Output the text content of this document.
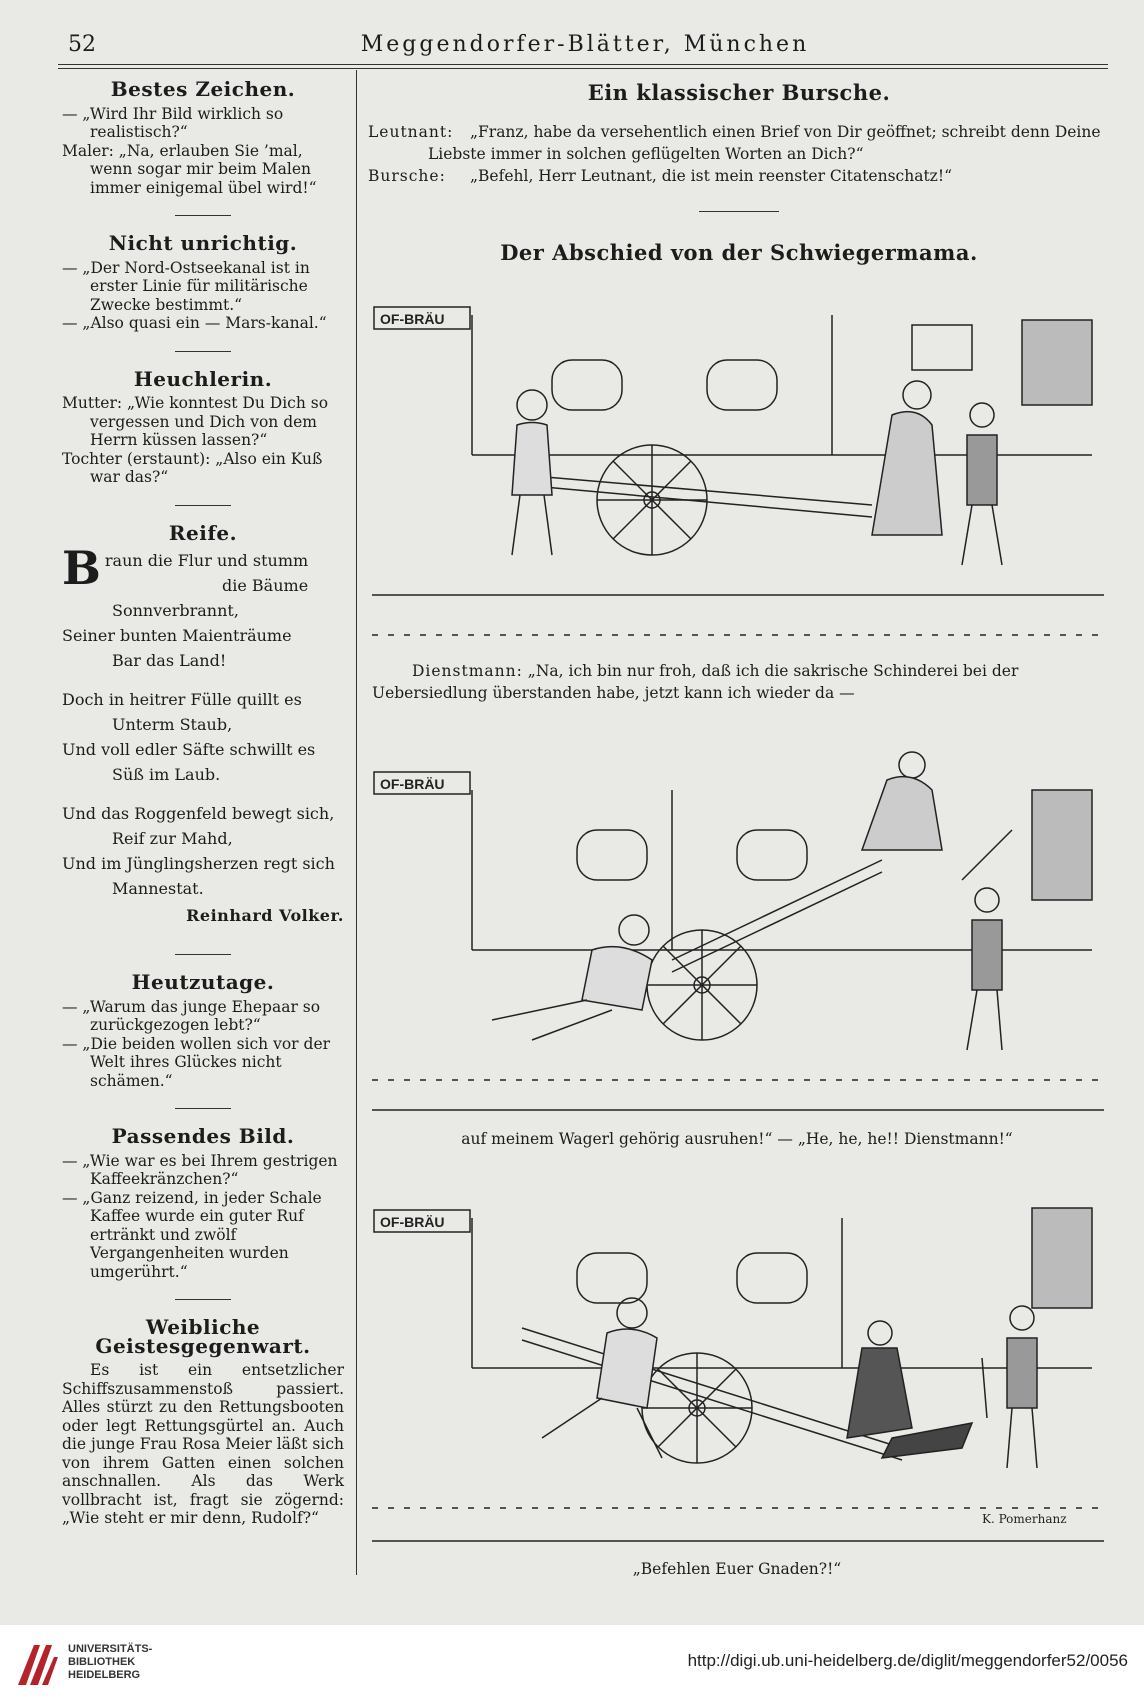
52	Meggendorfer-Blätter, München
Bestes Zeichen.

— „Wird Ihr Bild wirklich so realistisch?“

Maler: „Na, erlauben Sie ’mal, wenn sogar mir beim Malen immer einigemal übel wird!“

Nicht unrichtig.

— „Der Nord-Ostseekanal ist in erster Linie für militärische Zwecke bestimmt.“

— „Also quasi ein — Mars-kanal.“

Heuchlerin.

Mutter: „Wie konntest Du Dich so vergessen und Dich von dem Herrn küssen lassen?“

Tochter (erstaunt): „Also ein Kuß war das?“

Reife.
B raun die Flur und stumm

die Bäume

Sonnverbrannt,

Seiner bunten Maienträume

Bar das Land!

Doch in heitrer Fülle quillt es

Unterm Staub,

Und voll edler Säfte schwillt es

Süß im Laub.

Und das Roggenfeld bewegt sich,

Reif zur Mahd,

Und im Jünglingsherzen regt sich

Mannestat.

Reinhard Volker.

Heutzutage.

— „Warum das junge Ehepaar so zurückgezogen lebt?“

— „Die beiden wollen sich vor der Welt ihres Glückes nicht schämen.“

Passendes Bild.

— „Wie war es bei Ihrem gestrigen Kaffeekränzchen?“

— „Ganz reizend, in jeder Schale Kaffee wurde ein guter Ruf ertränkt und zwölf Vergangenheiten wurden umgerührt.“

Weibliche Geistesgegenwart.

Es ist ein entsetzlicher Schiffszusammenstoß passiert. Alles stürzt zu den Rettungsbooten oder legt Rettungsgürtel an. Auch die junge Frau Rosa Meier läßt sich von ihrem Gatten einen solchen anschnallen. Als das Werk vollbracht ist, fragt sie zögernd: „Wie steht er mir denn, Rudolf?“

Ein klassischer Bursche.
Leutnant:	„Franz, habe da versehentlich einen Brief von Dir geöffnet; schreibt denn Deine
Liebste immer in solchen geflügelten Worten an Dich?“
Bursche:	„Befehl, Herr Leutnant, die ist mein reenster Citatenschatz!“
Der Abschied von der Schwiegermama.
OF-BRÄU
Dienstmann: „Na, ich bin nur froh, daß ich die sakrische Schinderei bei der Uebersiedlung überstanden habe, jetzt kann ich wieder da —
OF-BRÄU
auf meinem Wagerl gehörig ausruhen!“ — „He, he, he!! Dienstmann!“
OF-BRÄU
K. Pomerhanz
„Befehlen Euer Gnaden?!“
UNIVERSITÄTS-
BIBLIOTHEK
HEIDELBERG
http://digi.ub.uni-heidelberg.de/diglit/meggendorfer52/0056
